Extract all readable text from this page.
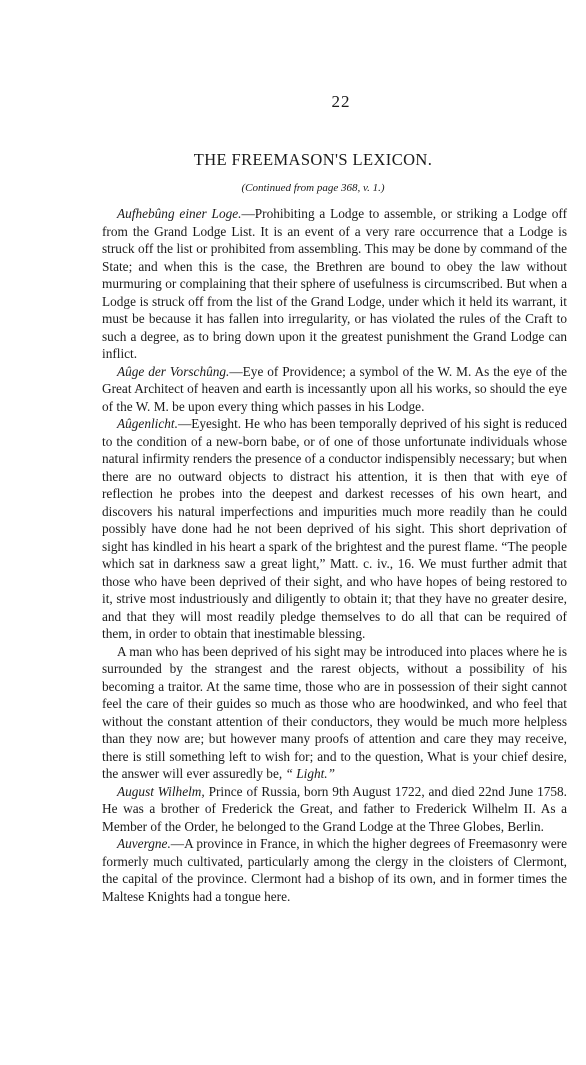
22
THE FREEMASON'S LEXICON.
(Continued from page 368, v. 1.)

Aufhebûng einer Loge.—Prohibiting a Lodge to assemble, or striking a Lodge off from the Grand Lodge List. It is an event of a very rare occurrence that a Lodge is struck off the list or prohibited from assembling. This may be done by command of the State; and when this is the case, the Brethren are bound to obey the law without murmuring or complaining that their sphere of usefulness is circumscribed. But when a Lodge is struck off from the list of the Grand Lodge, under which it held its warrant, it must be because it has fallen into irregularity, or has violated the rules of the Craft to such a degree, as to bring down upon it the greatest punishment the Grand Lodge can inflict.

Aûge der Vorschûng.—Eye of Providence; a symbol of the W. M. As the eye of the Great Architect of heaven and earth is incessantly upon all his works, so should the eye of the W. M. be upon every thing which passes in his Lodge.

Aûgenlicht.—Eyesight. He who has been temporally deprived of his sight is reduced to the condition of a new-born babe, or of one of those unfortunate individuals whose natural infirmity renders the presence of a conductor indispensibly necessary; but when there are no outward objects to distract his attention, it is then that with eye of reflection he probes into the deepest and darkest recesses of his own heart, and discovers his natural imperfections and impurities much more readily than he could possibly have done had he not been deprived of his sight. This short deprivation of sight has kindled in his heart a spark of the brightest and the purest flame. “The people which sat in darkness saw a great light,” Matt. c. iv., 16. We must further admit that those who have been deprived of their sight, and who have hopes of being restored to it, strive most industriously and diligently to obtain it; that they have no greater desire, and that they will most readily pledge themselves to do all that can be required of them, in order to obtain that inestimable blessing.

A man who has been deprived of his sight may be introduced into places where he is surrounded by the strangest and the rarest objects, without a possibility of his becoming a traitor. At the same time, those who are in possession of their sight cannot feel the care of their guides so much as those who are hoodwinked, and who feel that without the constant attention of their conductors, they would be much more helpless than they now are; but however many proofs of attention and care they may receive, there is still something left to wish for; and to the question, What is your chief desire, the answer will ever assuredly be, “ Light.”

August Wilhelm, Prince of Russia, born 9th August 1722, and died 22nd June 1758. He was a brother of Frederick the Great, and father to Frederick Wilhelm II. As a Member of the Order, he belonged to the Grand Lodge at the Three Globes, Berlin.

Auvergne.—A province in France, in which the higher degrees of Freemasonry were formerly much cultivated, particularly among the clergy in the cloisters of Clermont, the capital of the province. Clermont had a bishop of its own, and in former times the Maltese Knights had a tongue here.
